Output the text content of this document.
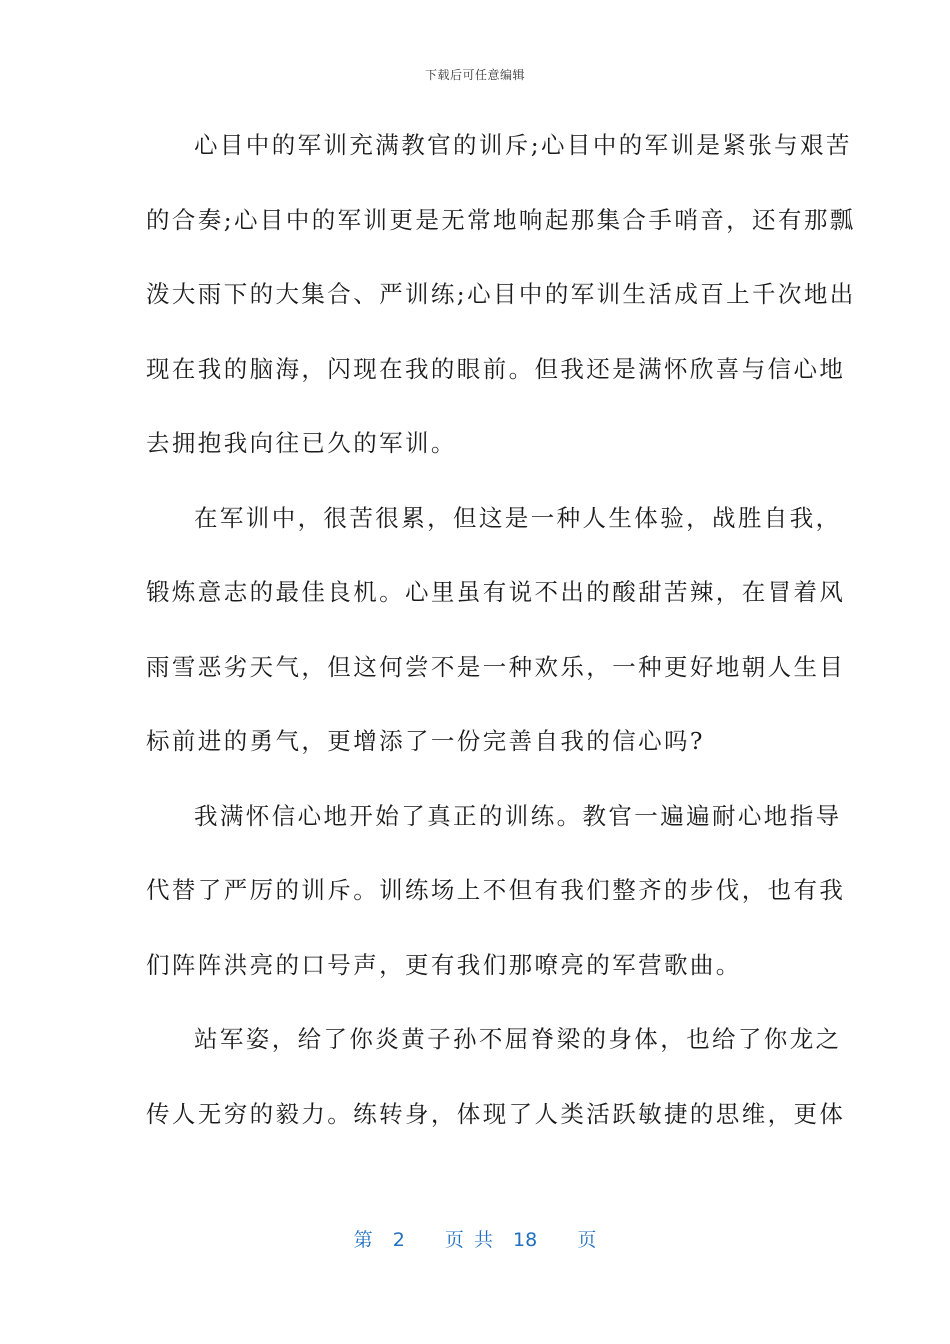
下载后可任意编辑
心目中的军训充满教官的训斥;心目中的军训是紧张与艰苦
的合奏;心目中的军训更是无常地响起那集合手哨音，还有那瓢
泼大雨下的大集合、严训练;心目中的军训生活成百上千次地出
现在我的脑海，闪现在我的眼前。但我还是满怀欣喜与信心地
去拥抱我向往已久的军训。
在军训中，很苦很累，但这是一种人生体验，战胜自我，
锻炼意志的最佳良机。心里虽有说不出的酸甜苦辣，在冒着风
雨雪恶劣天气，但这何尝不是一种欢乐，一种更好地朝人生目
标前进的勇气，更增添了一份完善自我的信心吗?
我满怀信心地开始了真正的训练。教官一遍遍耐心地指导
代替了严厉的训斥。训练场上不但有我们整齐的步伐，也有我
们阵阵洪亮的口号声，更有我们那嘹亮的军营歌曲。
站军姿，给了你炎黄子孙不屈脊梁的身体，也给了你龙之
传人无穷的毅力。练转身，体现了人类活跃敏捷的思维，更体
第  2    页 共  18    页
